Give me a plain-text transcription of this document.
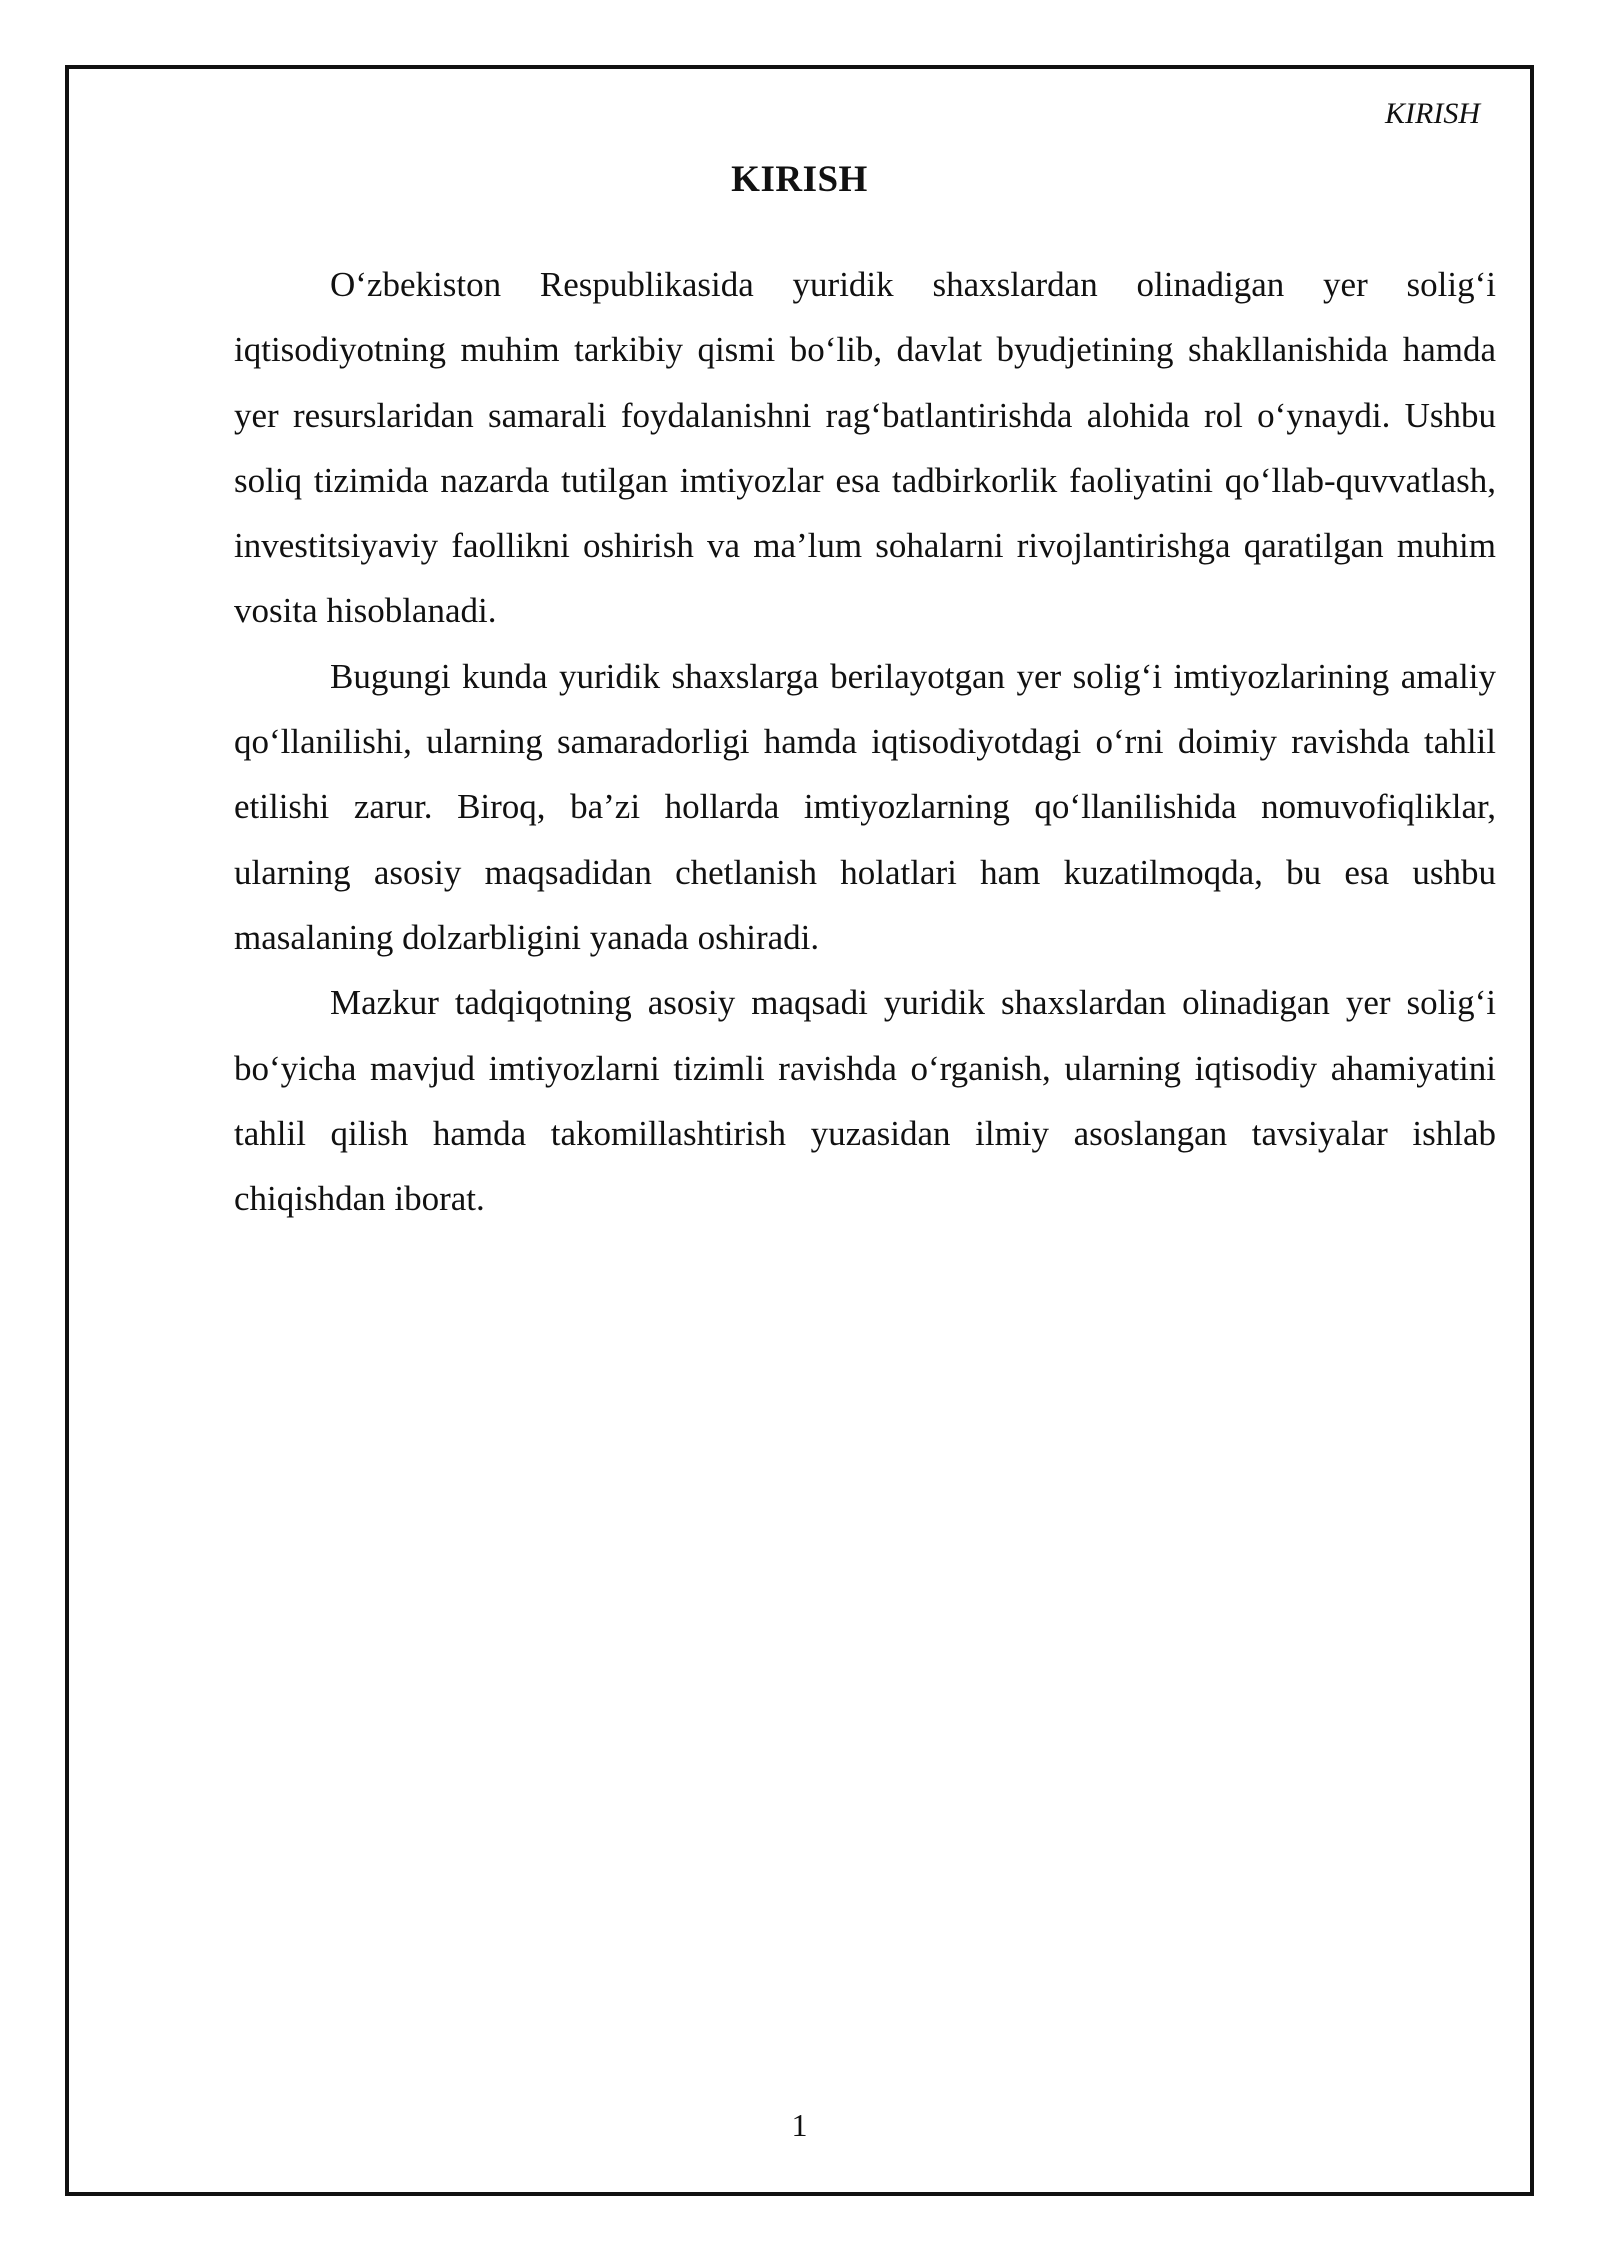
KIRISH
KIRISH

O‘zbekiston Respublikasida yuridik shaxslardan olinadigan yer solig‘i iqtisodiyotning muhim tarkibiy qismi bo‘lib, davlat byudjetining shakllanishida hamda yer resurslaridan samarali foydalanishni rag‘batlantirishda alohida rol o‘ynaydi. Ushbu soliq tizimida nazarda tutilgan imtiyozlar esa tadbirkorlik faoliyatini qo‘llab-quvvatlash, investitsiyaviy faollikni oshirish va ma’lum sohalarni rivojlantirishga qaratilgan muhim vosita hisoblanadi.

Bugungi kunda yuridik shaxslarga berilayotgan yer solig‘i imtiyozlarining amaliy qo‘llanilishi, ularning samaradorligi hamda iqtisodiyotdagi o‘rni doimiy ravishda tahlil etilishi zarur. Biroq, ba’zi hollarda imtiyozlarning qo‘llanilishida nomuvofiqliklar, ularning asosiy maqsadidan chetlanish holatlari ham kuzatilmoqda, bu esa ushbu masalaning dolzarbligini yanada oshiradi.

Mazkur tadqiqotning asosiy maqsadi yuridik shaxslardan olinadigan yer solig‘i bo‘yicha mavjud imtiyozlarni tizimli ravishda o‘rganish, ularning iqtisodiy ahamiyatini tahlil qilish hamda takomillashtirish yuzasidan ilmiy asoslangan tavsiyalar ishlab chiqishdan iborat.

1
